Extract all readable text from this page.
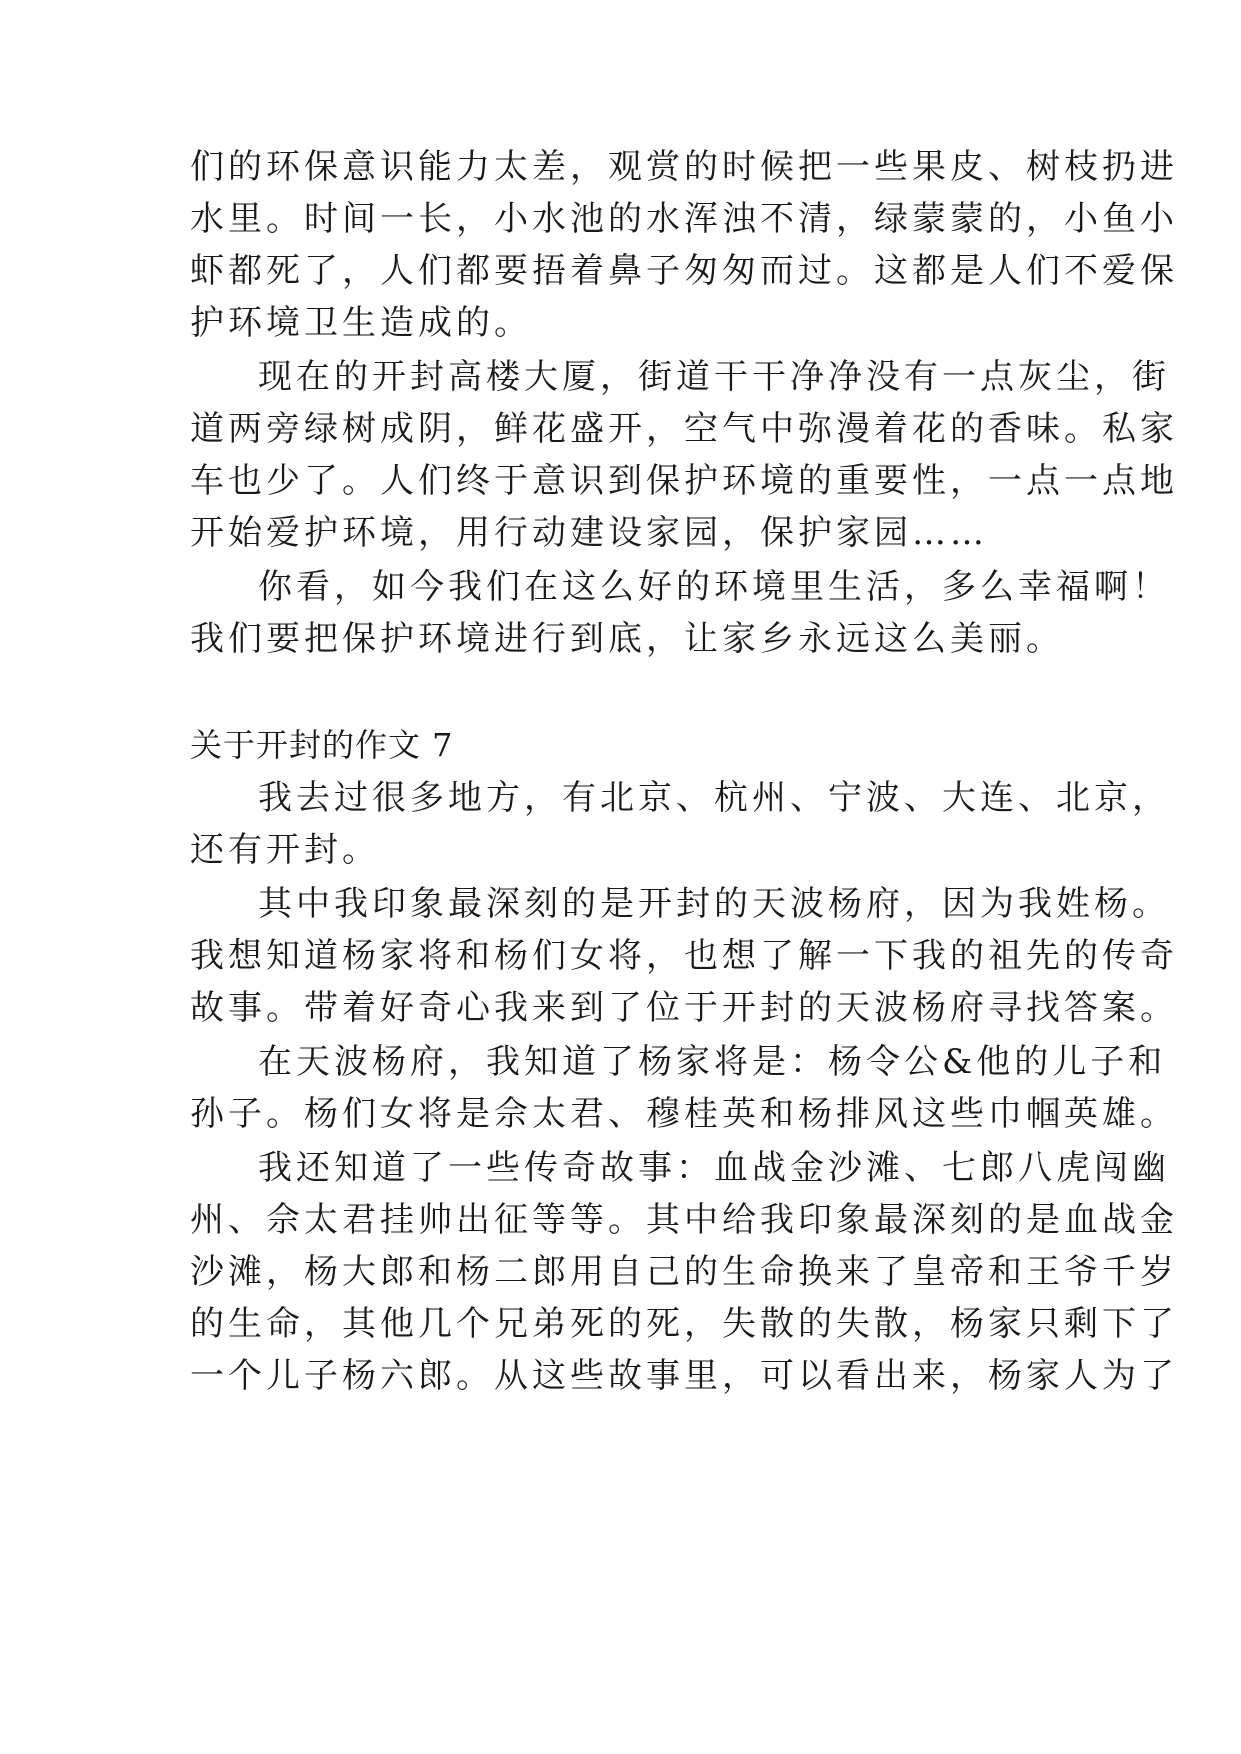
们的环保意识能力太差，观赏的时候把一些果皮、树枝扔进
水里。时间一长，小水池的水浑浊不清，绿蒙蒙的，小鱼小
虾都死了，人们都要捂着鼻子匆匆而过。这都是人们不爱保
护环境卫生造成的。
现在的开封高楼大厦，街道干干净净没有一点灰尘，街
道两旁绿树成阴，鲜花盛开，空气中弥漫着花的香味。私家
车也少了。人们终于意识到保护环境的重要性，一点一点地
开始爱护环境，用行动建设家园，保护家园……
你看，如今我们在这么好的环境里生活，多么幸福啊！
我们要把保护环境进行到底，让家乡永远这么美丽。
关于开封的作文 7
我去过很多地方，有北京、杭州、宁波、大连、北京，
还有开封。
其中我印象最深刻的是开封的天波杨府，因为我姓杨。
我想知道杨家将和杨们女将，也想了解一下我的祖先的传奇
故事。带着好奇心我来到了位于开封的天波杨府寻找答案。
在天波杨府，我知道了杨家将是：杨令公&他的儿子和
孙子。杨们女将是佘太君、穆桂英和杨排风这些巾帼英雄。
我还知道了一些传奇故事：血战金沙滩、七郎八虎闯幽
州、佘太君挂帅出征等等。其中给我印象最深刻的是血战金
沙滩，杨大郎和杨二郎用自己的生命换来了皇帝和王爷千岁
的生命，其他几个兄弟死的死，失散的失散，杨家只剩下了
一个儿子杨六郎。从这些故事里，可以看出来，杨家人为了
